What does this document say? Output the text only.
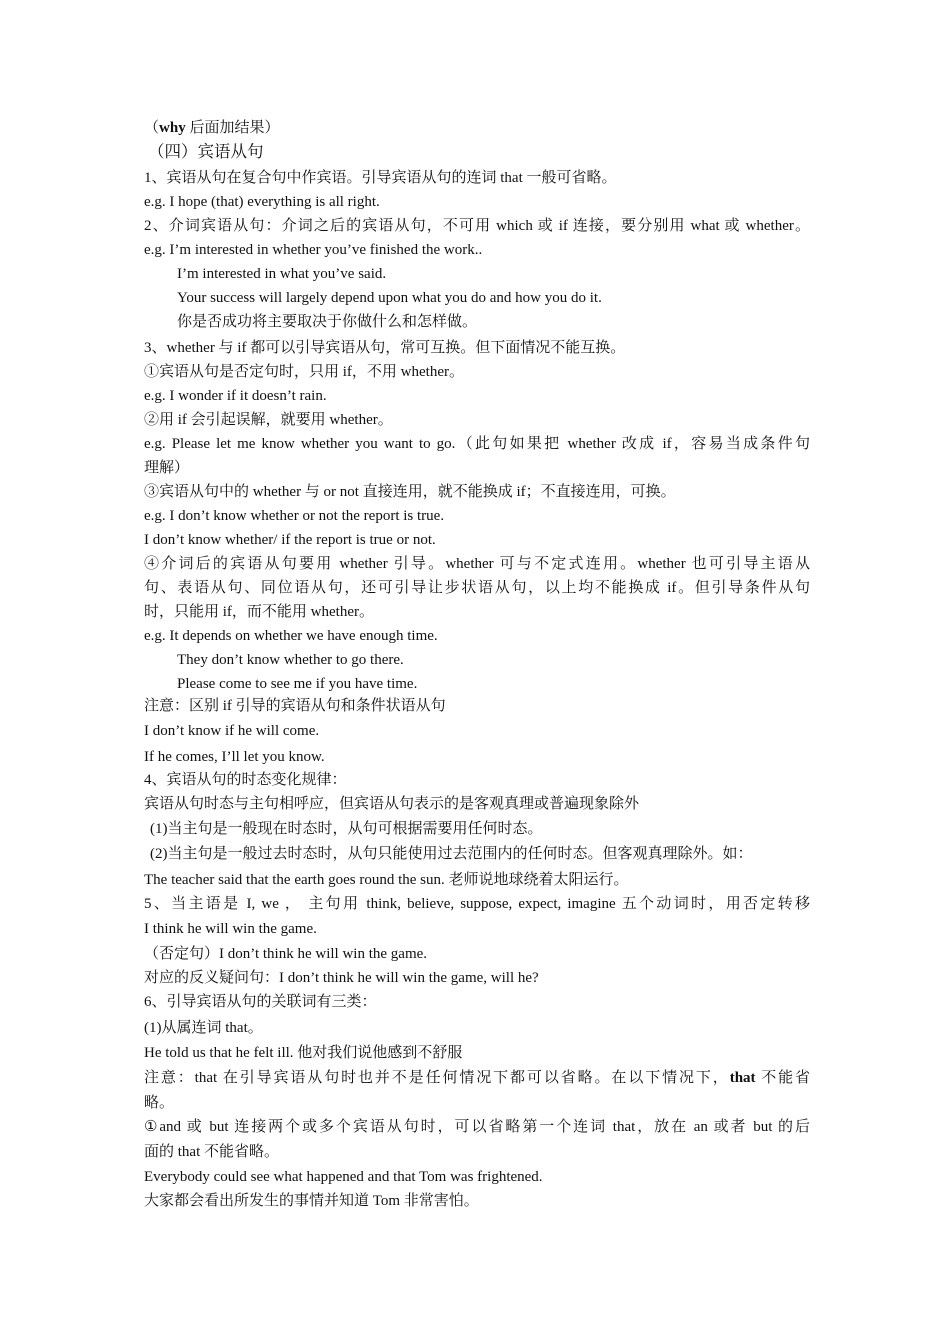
（why 后面加结果）
（四）宾语从句
1、宾语从句在复合句中作宾语。引导宾语从句的连词 that 一般可省略。
e.g. I hope (that) everything is all right.
2、介词宾语从句：介词之后的宾语从句，不可用 which 或 if 连接，要分别用 what 或 whether。
e.g. I’m interested in whether you’ve finished the work..
I’m interested in what you’ve said.
Your success will largely depend upon what you do and how you do it.
你是否成功将主要取决于你做什么和怎样做。
3、whether 与 if 都可以引导宾语从句，常可互换。但下面情况不能互换。
①宾语从句是否定句时，只用 if，不用 whether。
e.g. I wonder if it doesn’t rain.
②用 if 会引起误解，就要用 whether。
e.g. Please let me know whether you want to go.（此句如果把 whether 改成 if，容易当成条件句
理解）
③宾语从句中的 whether 与 or not 直接连用，就不能换成 if；不直接连用，可换。
e.g. I don’t know whether or not the report is true.
I don’t know whether/ if the report is true or not.
④介词后的宾语从句要用 whether 引导。whether 可与不定式连用。whether 也可引导主语从
句、表语从句、同位语从句，还可引导让步状语从句，以上均不能换成 if。但引导条件从句
时，只能用 if，而不能用 whether。
e.g. It depends on whether we have enough time.
They don’t know whether to go there.
Please come to see me if you have time.
注意：区别 if 引导的宾语从句和条件状语从句
I don’t know if he will come.
If he comes, I’ll let you know.
4、宾语从句的时态变化规律：
宾语从句时态与主句相呼应，但宾语从句表示的是客观真理或普遍现象除外
(1)当主句是一般现在时态时，从句可根据需要用任何时态。
(2)当主句是一般过去时态时，从句只能使用过去范围内的任何时态。但客观真理除外。如：
The teacher said that the earth goes round the sun. 老师说地球绕着太阳运行。
5、当主语是 I, we ， 主句用 think, believe, suppose, expect, imagine 五个动词时，用否定转移
I think he will win the game.
（否定句）I don’t think he will win the game.
对应的反义疑问句：I don’t think he will win the game, will he?
6、引导宾语从句的关联词有三类：
(1)从属连词 that。
He told us that he felt ill. 他对我们说他感到不舒服
注意：that 在引导宾语从句时也并不是任何情况下都可以省略。在以下情况下，that 不能省
略。
①and 或 but 连接两个或多个宾语从句时，可以省略第一个连词 that，放在 an 或者 but 的后
面的 that 不能省略。
Everybody could see what happened and that Tom was frightened.
大家都会看出所发生的事情并知道 Tom 非常害怕。
